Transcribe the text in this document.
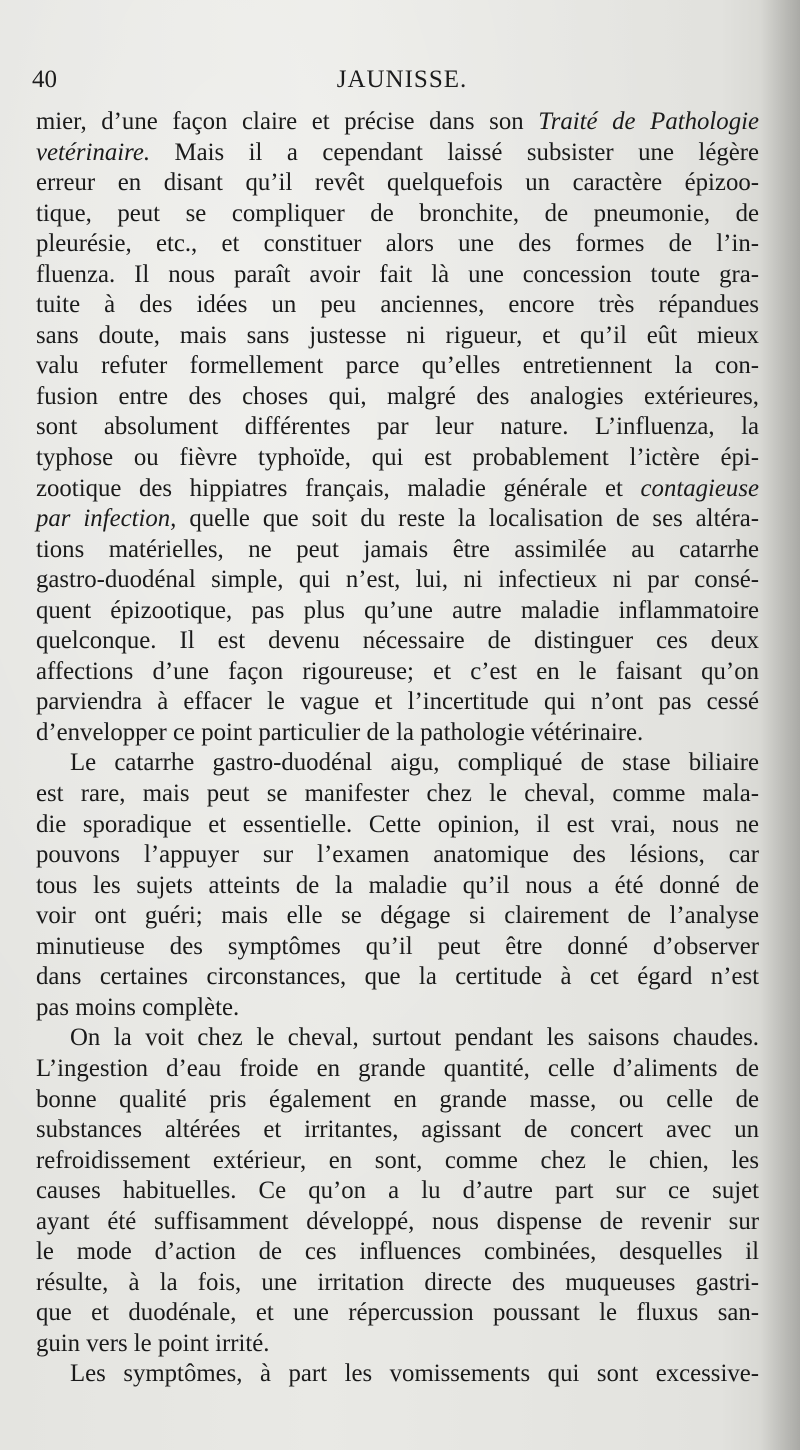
40	JAUNISSE.
mier, d’une façon claire et précise dans son Traité de Pathologie
vetérinaire. Mais il a cependant laissé subsister une légère
erreur en disant qu’il revêt quelquefois un caractère épizoo-
tique, peut se compliquer de bronchite, de pneumonie, de
pleurésie, etc., et constituer alors une des formes de l’in-
fluenza. Il nous paraît avoir fait là une concession toute gra-
tuite à des idées un peu anciennes, encore très répandues
sans doute, mais sans justesse ni rigueur, et qu’il eût mieux
valu refuter formellement parce qu’elles entretiennent la con-
fusion entre des choses qui, malgré des analogies extérieures,
sont absolument différentes par leur nature. L’influenza, la
typhose ou fièvre typhoïde, qui est probablement l’ictère épi-
zootique des hippiatres français, maladie générale et contagieuse
par infection, quelle que soit du reste la localisation de ses altéra-
tions matérielles, ne peut jamais être assimilée au catarrhe
gastro-duodénal simple, qui n’est, lui, ni infectieux ni par consé-
quent épizootique, pas plus qu’une autre maladie inflammatoire
quelconque. Il est devenu nécessaire de distinguer ces deux
affections d’une façon rigoureuse; et c’est en le faisant qu’on
parviendra à effacer le vague et l’incertitude qui n’ont pas cessé
d’envelopper ce point particulier de la pathologie vétérinaire.
Le catarrhe gastro-duodénal aigu, compliqué de stase biliaire
est rare, mais peut se manifester chez le cheval, comme mala-
die sporadique et essentielle. Cette opinion, il est vrai, nous ne
pouvons l’appuyer sur l’examen anatomique des lésions, car
tous les sujets atteints de la maladie qu’il nous a été donné de
voir ont guéri; mais elle se dégage si clairement de l’analyse
minutieuse des symptômes qu’il peut être donné d’observer
dans certaines circonstances, que la certitude à cet égard n’est
pas moins complète.
On la voit chez le cheval, surtout pendant les saisons chaudes.
L’ingestion d’eau froide en grande quantité, celle d’aliments de
bonne qualité pris également en grande masse, ou celle de
substances altérées et irritantes, agissant de concert avec un
refroidissement extérieur, en sont, comme chez le chien, les
causes habituelles. Ce qu’on a lu d’autre part sur ce sujet
ayant été suffisamment développé, nous dispense de revenir sur
le mode d’action de ces influences combinées, desquelles il
résulte, à la fois, une irritation directe des muqueuses gastri-
que et duodénale, et une répercussion poussant le fluxus san-
guin vers le point irrité.
Les symptômes, à part les vomissements qui sont excessive-
